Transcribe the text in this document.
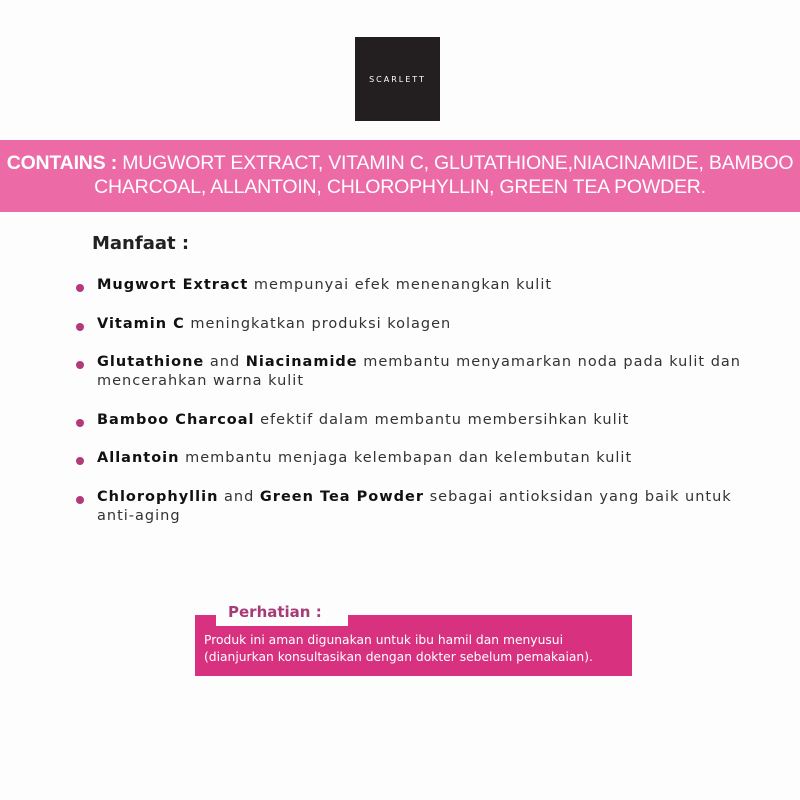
SCARLETT
CONTAINS : MUGWORT EXTRACT, VITAMIN C, GLUTATHIONE,NIACINAMIDE, BAMBOO CHARCOAL, ALLANTOIN, CHLOROPHYLLIN, GREEN TEA POWDER.
Manfaat :
Mugwort Extract mempunyai efek menenangkan kulit
Vitamin C meningkatkan produksi kolagen
Glutathione and Niacinamide membantu menyamarkan noda pada kulit dan mencerahkan warna kulit
Bamboo Charcoal efektif dalam membantu membersihkan kulit
Allantoin membantu menjaga kelembapan dan kelembutan kulit
Chlorophyllin and Green Tea Powder sebagai antioksidan yang baik untuk anti-aging
Produk ini aman digunakan untuk ibu hamil dan menyusui
(dianjurkan konsultasikan dengan dokter sebelum pemakaian).
Perhatian :
